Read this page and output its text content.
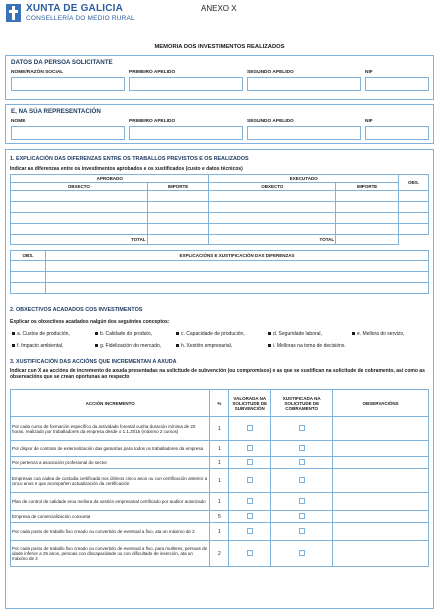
XUNTA DE GALICIA
CONSELLERÍA DO MEDIO RURAL
ANEXO X
MEMORIA DOS INVESTIMENTOS REALIZADOS
DATOS DA PERSOA SOLICITANTE
NOME/RAZÓN SOCIAL	PRIMEIRO APELIDO	SEGUNDO APELIDO	NIF
E, NA SÚA REPRESENTACIÓN
NOME	PRIMEIRO APELIDO	SEGUNDO APELIDO	NIF
1. EXPLICACIÓN DAS DIFERENZAS ENTRE OS TRABALLOS PREVISTOS E OS REALIZADOS
Indicar as diferenzas entre os investimentos aprobados e os xustificados (custo e datos técnicos)
APROBADO		EXECUTADO		OBS.
OBXECTO	IMPORTE	OBXECTO	IMPORTE	

TOTAL		TOTAL		
OBS.	EXPLICACIÓNS E XUSTIFICACIÓN DAS DIFERENZAS

2. OBXECTIVOS ACADADOS COS INVESTIMENTOS
Explicar os obxectivos acadados nalgún dos seguintes conceptos:
a. Custos de produción,	b. Calidade do produto,	c. Capacidade de produción,	d. Seguridade laboral,	e. Mellora do servizo,
f. Impacto ambiental,	g. Fidelización do mercado,	h. Xestión empresarial,	i. Melloras na toma de decisións.
3. XUSTIFICACIÓN DAS ACCIÓNS QUE INCREMENTAN A AXUDA
Indicar cun X as accións de incremento de axuda presentadas na solicitude de subvención (ou compromisos) e as que se xustifican na solicitude de cobramento, así como as observacións que se crean oportunas ao respecto
ACCIÓN INCREMENTO	%	VALORADA NA SOLICITUDE DE SUBVENCIÓN	XUSTIFICADA NA SOLICITUDE DE COBRAMENTO	OBSERVACIÓNS
Por cada curso de formación específico da actividade forestal cunha duración mínima de 20 horas, realizado por traballadores da empresa desde o 1.1.2015 (máximo 2 cursos)	1			
Por dispor de contrato de externalización das garantías para todos os traballadores da empresa	1			
Por pertenza a asociación profesional do sector	1			
Empresas coa cadea de custodia certificada nos últimos cinco anos ou con certificación anterior a cinco anos e que acompañen actualización da certificación	1			
Plan de control de calidade e/ou mellora da xestión empresarial certificado por auditor autorizado	1			
Empresa de comercialización conxunta	5			
Por cada posto de traballo fixo creado ou convertido de eventual a fixo, ata un máximo de 2	1			
Por cada posto de traballo fixo creado ou convertido de eventual a fixo, para mulleres, persoas de idade inferior a 25 anos, persoas con discapacidade ou con dificultade de inserción, ata un máximo de 2	2			
